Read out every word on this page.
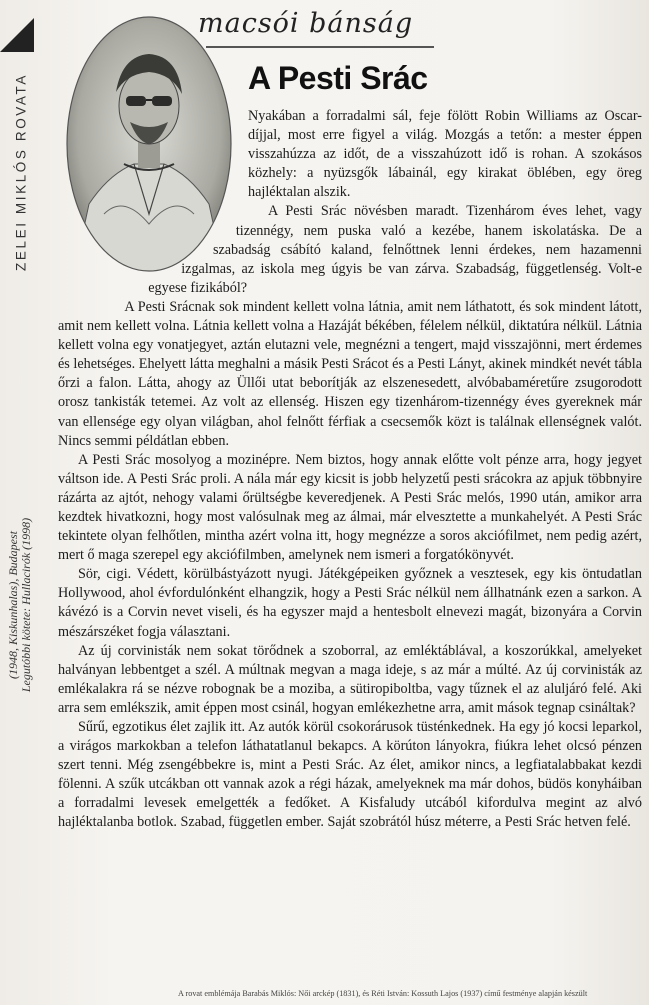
ZELEI MIKLÓS ROVATA
(1948, Kiskunhalas), Budapest Legutóbbi kötete: Hullacirók (1998)
macsói bánság
A Pesti Srác

Nyakában a forradalmi sál, feje fölött Robin Williams az Oscar-díjjal, most erre figyel a világ. Mozgás a tetőn: a mester éppen visszahúzza az időt, de a visszahúzott idő is rohan. A szokásos közhely: a nyüzsgők lábainál, egy kirakat öblében, egy öreg hajléktalan alszik.

A Pesti Srác növésben maradt. Tizenhárom éves lehet, vagy tizennégy, nem puska való a kezébe, hanem iskolatáska. De a szabadság csábító kaland, felnőttnek lenni érdekes, nem hazamenni izgalmas, az iskola meg úgyis be van zárva. Szabadság, függetlenség. Volt-e egyese fizikából?

A Pesti Srácnak sok mindent kellett volna látnia, amit nem láthatott, és sok mindent látott, amit nem kellett volna. Látnia kellett volna a Hazáját békében, félelem nélkül, diktatúra nélkül. Látnia kellett volna egy vonatjegyet, aztán elutazni vele, megnézni a tengert, majd visszajönni, mert érdemes és lehetséges. Ehelyett látta meghalni a másik Pesti Srácot és a Pesti Lányt, akinek mindkét nevét tábla őrzi a falon. Látta, ahogy az Üllői utat beborítják az elszenesedett, alvóbabaméretűre zsugorodott orosz tankisták tetemei. Az volt az ellenség. Hiszen egy tizenhárom-tizennégy éves gyereknek már van ellensége egy olyan világban, ahol felnőtt férfiak a csecsemők közt is találnak ellenségnek valót. Nincs semmi példátlan ebben.

A Pesti Srác mosolyog a mozinépre. Nem biztos, hogy annak előtte volt pénze arra, hogy jegyet váltson ide. A Pesti Srác proli. A nála már egy kicsit is jobb helyzetű pesti srácokra az apjuk többnyire rázárta az ajtót, nehogy valami őrültségbe keveredjenek. A Pesti Srác melós, 1990 után, amikor arra kezdtek hivatkozni, hogy most valósulnak meg az álmai, már elvesztette a munkahelyét. A Pesti Srác tekintete olyan felhőtlen, mintha azért volna itt, hogy megnézze a soros akciófilmet, nem pedig azért, mert ő maga szerepel egy akciófilmben, amelynek nem ismeri a forgatókönyvét.

Sör, cigi. Védett, körülbástyázott nyugi. Játékgépeiken győznek a vesztesek, egy kis öntudatlan Hollywood, ahol évfordulónként elhangzik, hogy a Pesti Srác nélkül nem állhatnánk ezen a sarkon. A kávézó is a Corvin nevet viseli, és ha egyszer majd a hentesbolt elnevezi magát, bizonyára a Corvin mészárszéket fogja választani.

Az új corvinisták nem sokat törődnek a szoborral, az emléktáblával, a koszorúkkal, amelyeket halványan lebbentget a szél. A múltnak megvan a maga ideje, s az már a múlté. Az új corvinisták az emlékalakra rá se nézve robognak be a moziba, a sütiropiboltba, vagy tűznek el az aluljáró felé. Aki arra sem emlékszik, amit éppen most csinál, hogyan emlékezhetne arra, amit mások tegnap csináltak?

Sűrű, egzotikus élet zajlik itt. Az autók körül csokorárusok tüsténkednek. Ha egy jó kocsi leparkol, a virágos markokban a telefon láthatatlanul bekapcs. A körúton lányokra, fiúkra lehet olcsó pénzen szert tenni. Még zsengébbekre is, mint a Pesti Srác. Az élet, amikor nincs, a legfiatalabbakat kezdi fölenni. A szűk utcákban ott vannak azok a régi házak, amelyeknek ma már dohos, büdös konyháiban a forradalmi levesek emelgették a fedőket. A Kisfaludy utcából kifordulva megint az alvó hajléktalanba botlok. Szabad, független ember. Saját szobrától húsz méterre, a Pesti Srác hetven felé.

A rovat emblémája Barabás Miklós: Női arckép (1831), és Réti István: Kossuth Lajos (1937) című festménye alapján készült
